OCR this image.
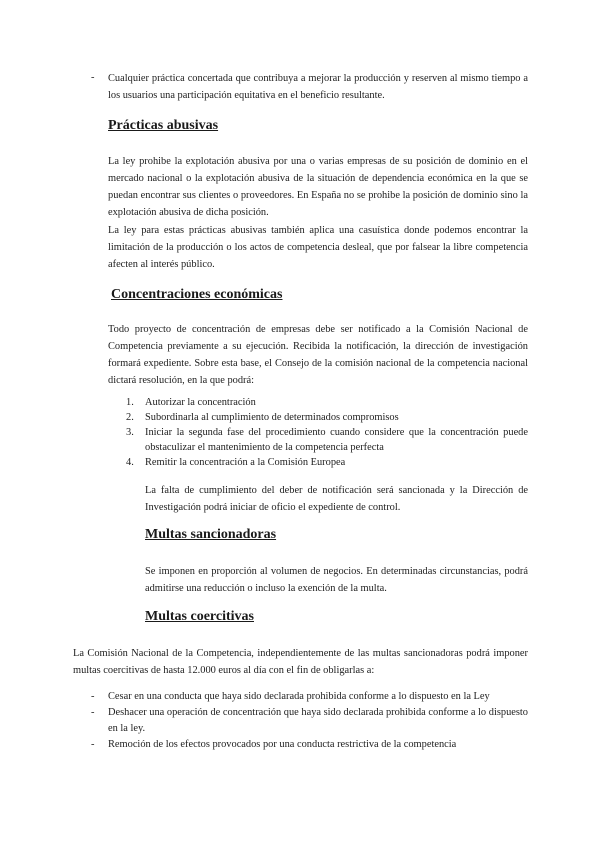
- Cualquier práctica concertada que contribuya a mejorar la producción y reserven al mismo tiempo a los usuarios una participación equitativa en el beneficio resultante.
Prácticas abusivas
La ley prohibe la explotación abusiva por una o varias empresas de su posición de dominio en el mercado nacional o la explotación abusiva de la situación de dependencia económica en la que se puedan encontrar sus clientes o proveedores. En España no se prohibe la posición de dominio sino la explotación abusiva de dicha posición.
La ley para estas prácticas abusivas también aplica una casuística donde podemos encontrar la limitación de la producción o los actos de competencia desleal, que por falsear la libre competencia afecten al interés público.
Concentraciones económicas
Todo proyecto de concentración de empresas debe ser notificado a la Comisión Nacional de Competencia previamente a su ejecución. Recibida la notificación, la dirección de investigación formará expediente. Sobre esta base, el Consejo de la comisión nacional de la competencia nacional dictará resolución, en la que podrá:
1. Autorizar la concentración
2. Subordinarla al cumplimiento de determinados compromisos
3. Iniciar la segunda fase del procedimiento cuando considere que la concentración puede obstaculizar el mantenimiento de la competencia perfecta
4. Remitir la concentración a la Comisión Europea
La falta de cumplimiento del deber de notificación será sancionada y la Dirección de Investigación podrá iniciar de oficio el expediente de control.
Multas sancionadoras
Se imponen en proporción al volumen de negocios. En determinadas circunstancias, podrá admitirse una reducción o incluso la exención de la multa.
Multas coercitivas
La Comisión Nacional de la Competencia, independientemente de las multas sancionadoras podrá imponer multas coercitivas de hasta 12.000 euros al día con el fin de obligarlas a:
- Cesar en una conducta que haya sido declarada prohibida conforme a lo dispuesto en la Ley
- Deshacer una operación de concentración que haya sido declarada prohibida conforme a lo dispuesto en la ley.
- Remoción de los efectos provocados por una conducta restrictiva de la competencia
